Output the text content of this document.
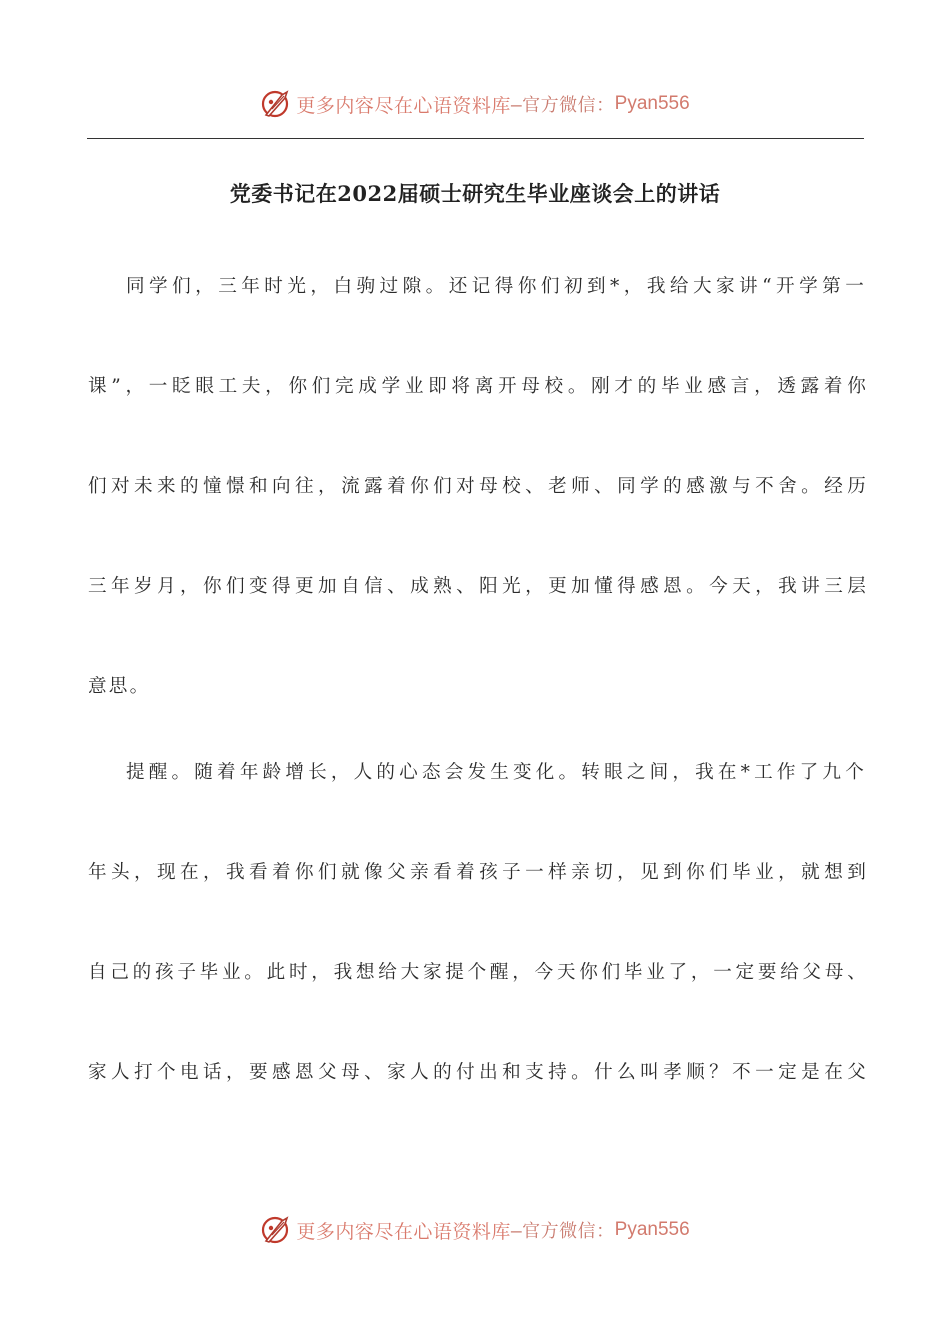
更多内容尽在心语资料库 —官方微信： Pyan556
党委书记在2022届硕士研究生毕业座谈会上的讲话
同学们，三年时光，白驹过隙。还记得你们初到*，我给大家讲“开学第一
课”，一眨眼工夫，你们完成学业即将离开母校。刚才的毕业感言，透露着你
们对未来的憧憬和向往，流露着你们对母校、老师、同学的感激与不舍。经历
三年岁月，你们变得更加自信、成熟、阳光，更加懂得感恩。今天，我讲三层
意思。
提醒。随着年龄增长，人的心态会发生变化。转眼之间，我在*工作了九个
年头，现在，我看着你们就像父亲看着孩子一样亲切，见到你们毕业，就想到
自己的孩子毕业。此时，我想给大家提个醒，今天你们毕业了，一定要给父母、
家人打个电话，要感恩父母、家人的付出和支持。什么叫孝顺？不一定是在父
更多内容尽在心语资料库 —官方微信： Pyan556
